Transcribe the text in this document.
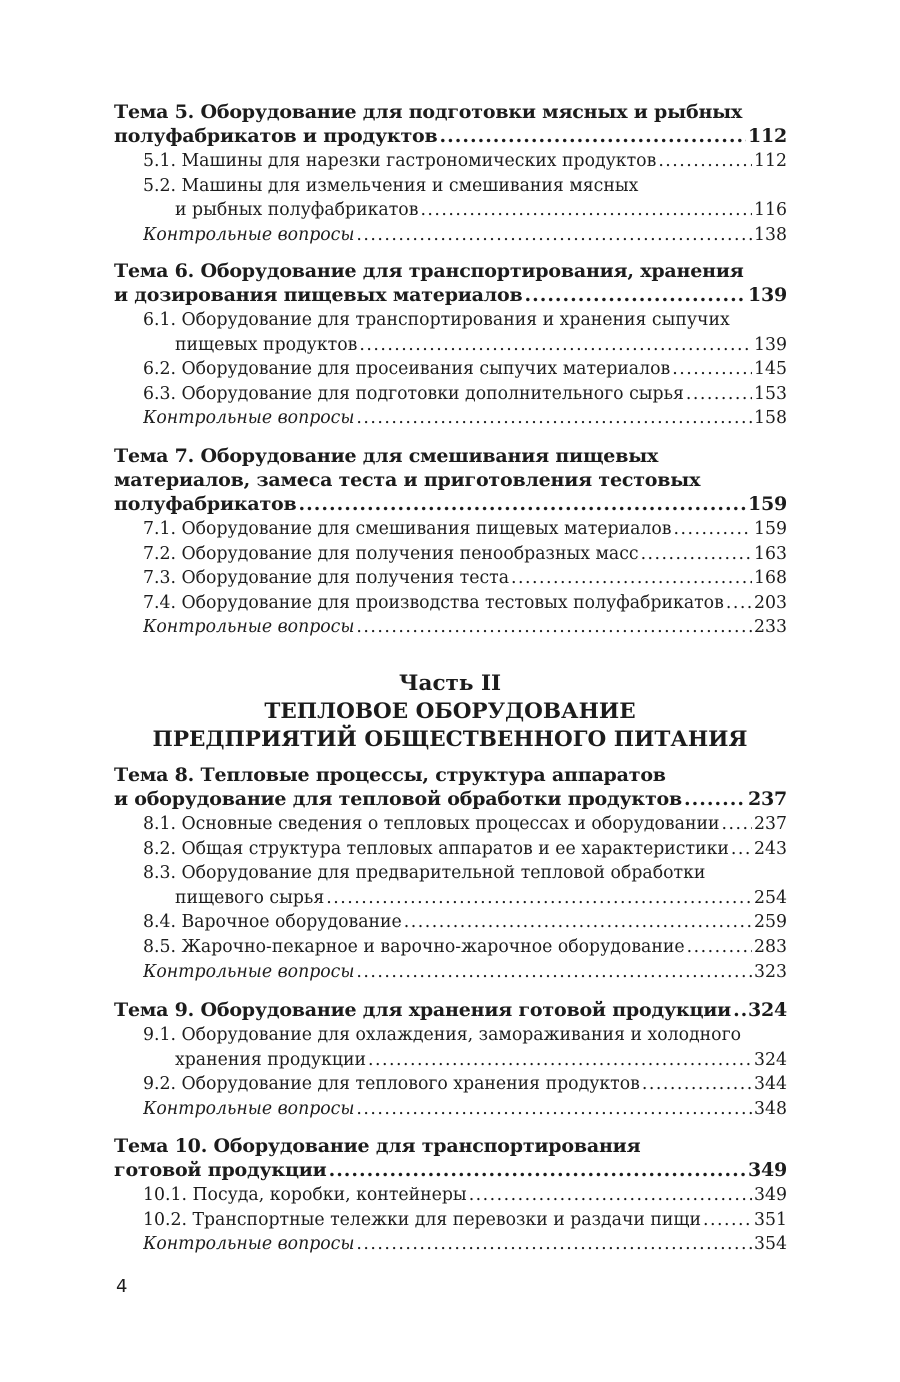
Тема 5. Оборудование для подготовки мясных и рыбных
полуфабрикатов и продуктов .....	112
5.1. Машины для нарезки гастрономических продуктов .....	112
5.2. Машины для измельчения и смешивания мясных
и рыбных полуфабрикатов .....	116
Контрольные вопросы .....	138
Тема 6. Оборудование для транспортирования, хранения
и дозирования пищевых материалов .....	139
6.1. Оборудование для транспортирования и хранения сыпучих
пищевых продуктов .....	139
6.2. Оборудование для просеивания сыпучих материалов .....	145
6.3. Оборудование для подготовки дополнительного сырья .....	153
Контрольные вопросы .....	158
Тема 7. Оборудование для смешивания пищевых
материалов, замеса теста и приготовления тестовых
полуфабрикатов .....	159
7.1. Оборудование для смешивания пищевых материалов .....	159
7.2. Оборудование для получения пенообразных масс .....	163
7.3. Оборудование для получения теста .....	168
7.4. Оборудование для производства тестовых полуфабрикатов ..... 203
Контрольные вопросы .....	233
Тема 8. Тепловые процессы, структура аппаратов
и оборудование для тепловой обработки продуктов .....	237
8.1. Основные сведения о тепловых процессах и оборудовании ..... 237
8.2. Общая структура тепловых аппаратов и ее характеристики ..... 243
8.3. Оборудование для предварительной тепловой обработки
пищевого сырья .....	254
8.4. Варочное оборудование .....	259
8.5. Жарочно-пекарное и варочно-жарочное оборудование .....	283
Контрольные вопросы .....	323
Тема 9. Оборудование для хранения готовой продукции ..... 324
9.1. Оборудование для охлаждения, замораживания и холодного
хранения продукции .....	324
9.2. Оборудование для теплового хранения продуктов .....	344
Контрольные вопросы .....	348
Тема 10. Оборудование для транспортирования
готовой продукции .....	349
10.1. Посуда, коробки, контейнеры .....	349
10.2. Транспортные тележки для перевозки и раздачи пищи .....	351
Контрольные вопросы .....	354
Часть II
ТЕПЛОВОЕ ОБОРУДОВАНИЕ
ПРЕДПРИЯТИЙ ОБЩЕСТВЕННОГО ПИТАНИЯ
4
